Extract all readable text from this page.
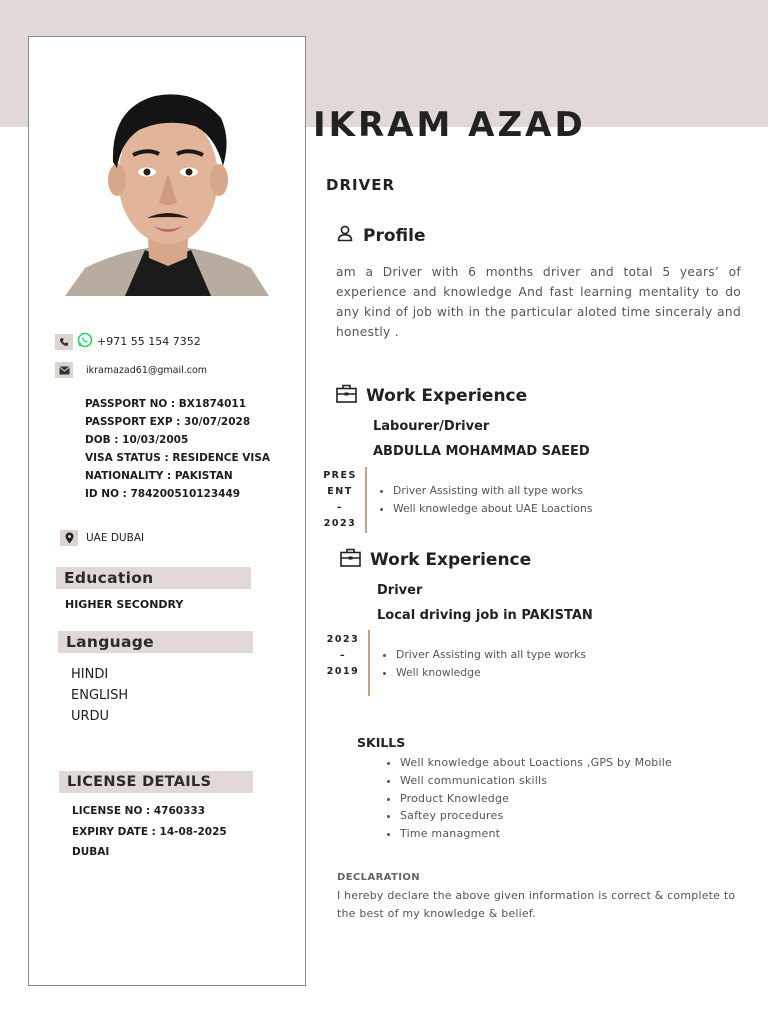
+971 55 154 7352
ikramazad61@gmail.com
PASSPORT NO : BX1874011
PASSPORT EXP : 30/07/2028
DOB : 10/03/2005
VISA STATUS : RESIDENCE VISA
NATIONALITY : PAKISTAN
ID NO : 784200510123449
UAE DUBAI
Education
HIGHER SECONDRY
Language
HINDI
ENGLISH
URDU
LICENSE DETAILS
LICENSE NO : 4760333
EXPIRY DATE : 14-08-2025
DUBAI
IKRAM AZAD
DRIVER
Profile
am a Driver with 6 months driver and total 5 years’ of experience and knowledge And fast learning mentality to do any kind of job with in the particular aloted time sinceraly and honestly .
Work Experience
Labourer/Driver
ABDULLA MOHAMMAD SAEED
PRES
ENT
–
2023
• Driver Assisting with all type works
• Well knowledge about UAE Loactions
Work Experience
Driver
Local driving job in PAKISTAN
2023
–
2019
• Driver Assisting with all type works
• Well knowledge
SKILLS
• Well knowledge about Loactions ,GPS by Mobile
• Well communication skills
• Product Knowledge
• Saftey procedures
• Time managment
DECLARATION
I hereby declare the above given information is correct & complete to the best of my knowledge & belief.
